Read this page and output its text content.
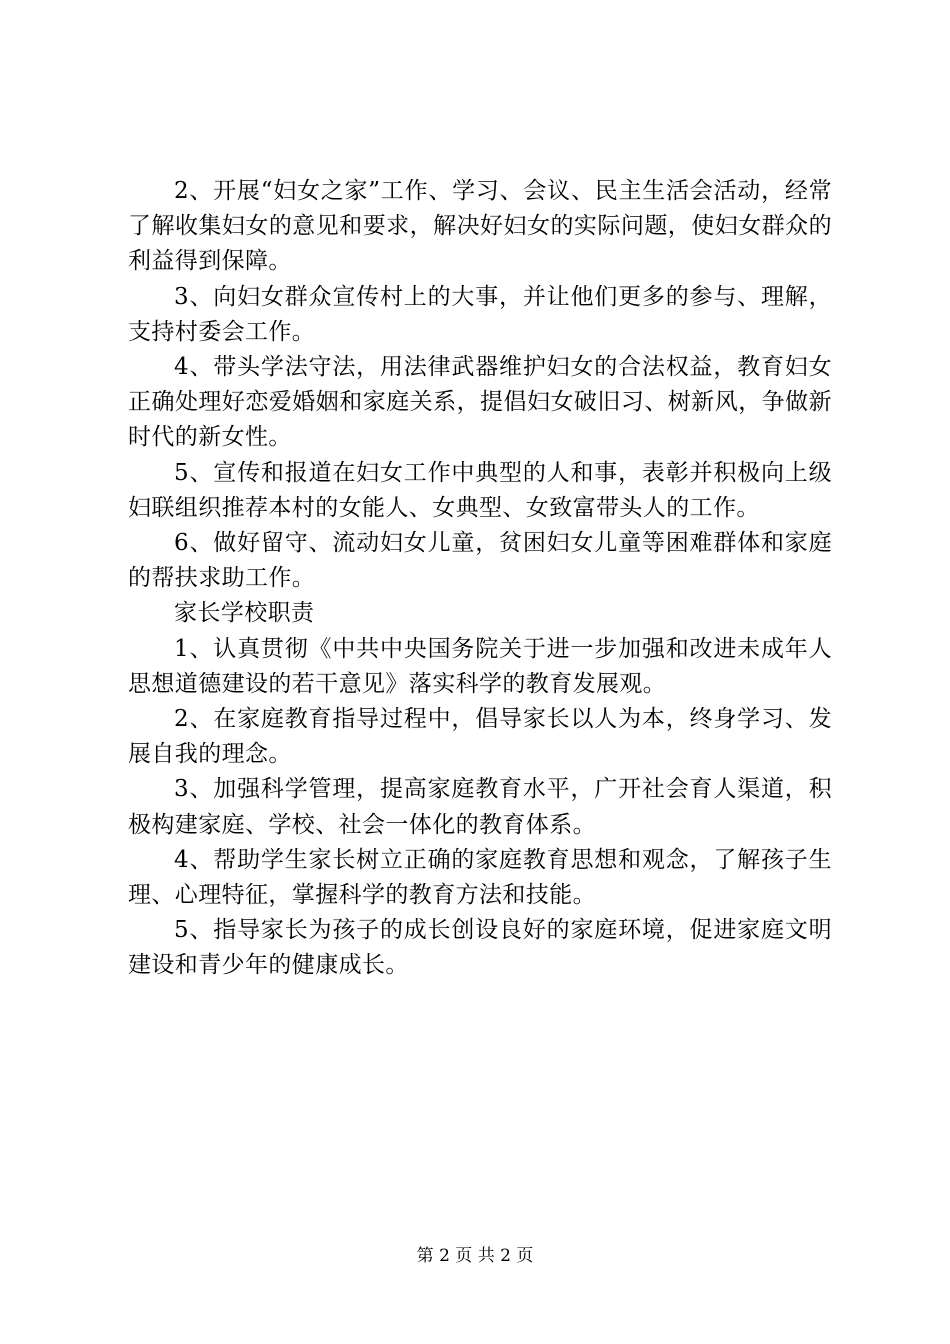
2、开展“妇女之家”工作、学习、会议、民主生活会活动，经常了解收集妇女的意见和要求，解决好妇女的实际问题，使妇女群众的利益得到保障。

3、向妇女群众宣传村上的大事，并让他们更多的参与、理解，支持村委会工作。

4、带头学法守法，用法律武器维护妇女的合法权益，教育妇女正确处理好恋爱婚姻和家庭关系，提倡妇女破旧习、树新风，争做新时代的新女性。

5、宣传和报道在妇女工作中典型的人和事，表彰并积极向上级妇联组织推荐本村的女能人、女典型、女致富带头人的工作。

6、做好留守、流动妇女儿童，贫困妇女儿童等困难群体和家庭的帮扶求助工作。

家长学校职责

1、认真贯彻《中共中央国务院关于进一步加强和改进未成年人思想道德建设的若干意见》落实科学的教育发展观。

2、在家庭教育指导过程中，倡导家长以人为本，终身学习、发展自我的理念。

3、加强科学管理，提高家庭教育水平，广开社会育人渠道，积极构建家庭、学校、社会一体化的教育体系。

4、帮助学生家长树立正确的家庭教育思想和观念，了解孩子生理、心理特征，掌握科学的教育方法和技能。

5、指导家长为孩子的成长创设良好的家庭环境，促进家庭文明建设和青少年的健康成长。

第 2 页 共 2 页
